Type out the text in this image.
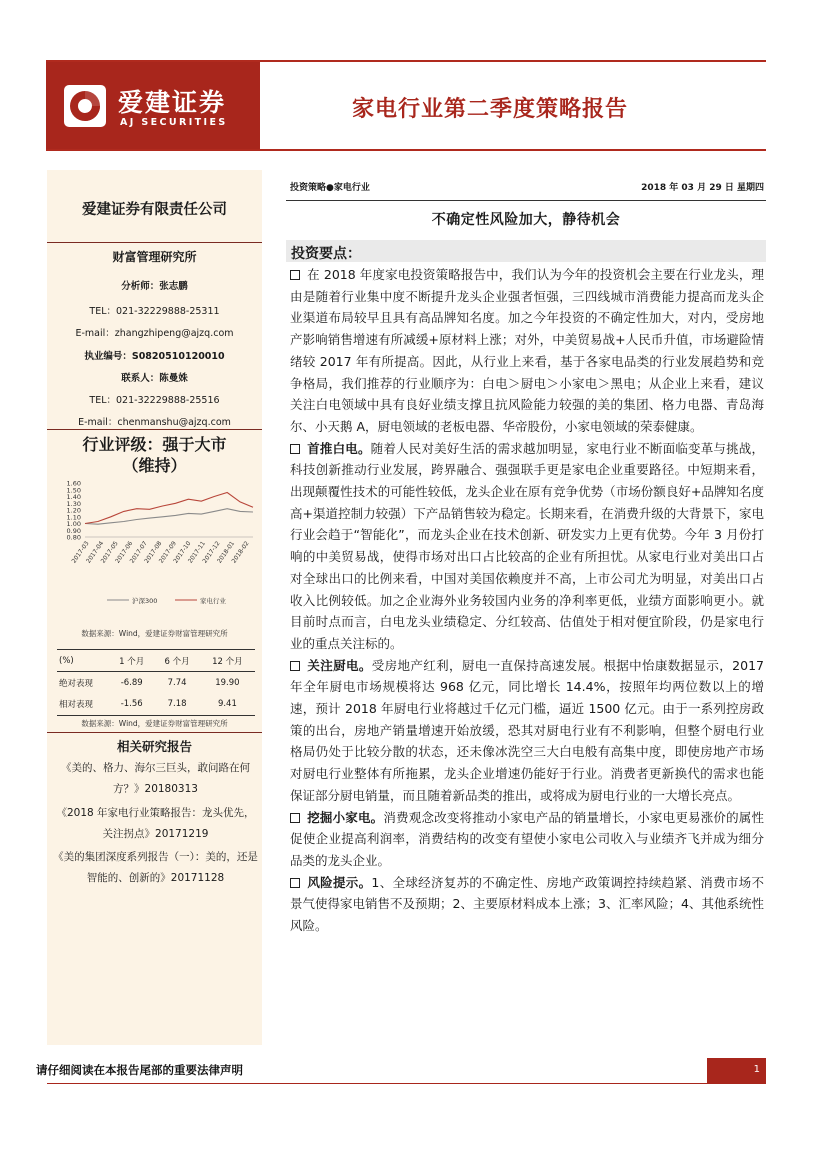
爱建证券
AJ SECURITIES
家电行业第二季度策略报告
爱建证券有限责任公司
财富管理研究所
分析师：张志鹏
TEL：021-32229888-25311
E-mail：zhangzhipeng@ajzq.com
执业编号：S0820510120010
联系人：陈曼姝
TEL：021-32229888-25516
E-mail：chenmanshu@ajzq.com
行业评级：强于大市
（维持）
1.60
1.50
1.40
1.30
1.20
1.10
1.00
0.90
0.80
2017-03
2017-04
2017-05
2017-06
2017-07
2017-08
2017-09
2017-10
2017-11
2017-12
2018-01
2018-02
沪深300	家电行业
数据来源：Wind，爱建证券财富管理研究所
(%)	1 个月	6 个月	12 个月
绝对表现	-6.89	7.74	19.90
相对表现	-1.56	7.18	9.41
数据来源：Wind，爱建证券财富管理研究所
相关研究报告
《美的、格力、海尔三巨头，敢问路在何方？》20180313
《2018 年家电行业策略报告：龙头优先，关注拐点》20171219
《美的集团深度系列报告（一）：美的，还是智能的、创新的》20171128
投资策略●家电行业	2018 年 03 月 29 日 星期四
不确定性风险加大，静待机会
投资要点：

在 2018 年度家电投资策略报告中，我们认为今年的投资机会主要在行业龙头，理由是随着行业集中度不断提升龙头企业强者恒强，三四线城市消费能力提高而龙头企业渠道布局较早且具有高品牌知名度。加之今年投资的不确定性加大，对内，受房地产影响销售增速有所减缓+原材料上涨；对外，中美贸易战+人民币升值，市场避险情绪较 2017 年有所提高。因此，从行业上来看，基于各家电品类的行业发展趋势和竞争格局，我们推荐的行业顺序为：白电＞厨电＞小家电＞黑电；从企业上来看，建议关注白电领域中具有良好业绩支撑且抗风险能力较强的美的集团、格力电器、青岛海尔、小天鹅 A，厨电领域的老板电器、华帝股份，小家电领域的荣泰健康。

首推白电。随着人民对美好生活的需求越加明显，家电行业不断面临变革与挑战，科技创新推动行业发展，跨界融合、强强联手更是家电企业重要路径。中短期来看，出现颠覆性技术的可能性较低，龙头企业在原有竞争优势（市场份额良好+品牌知名度高+渠道控制力较强）下产品销售较为稳定。长期来看，在消费升级的大背景下，家电行业会趋于“智能化”，而龙头企业在技术创新、研发实力上更有优势。今年 3 月份打响的中美贸易战，使得市场对出口占比较高的企业有所担忧。从家电行业对美出口占对全球出口的比例来看，中国对美国依赖度并不高，上市公司尤为明显，对美出口占收入比例较低。加之企业海外业务较国内业务的净利率更低，业绩方面影响更小。就目前时点而言，白电龙头业绩稳定、分红较高、估值处于相对便宜阶段，仍是家电行业的重点关注标的。

关注厨电。受房地产红利，厨电一直保持高速发展。根据中怡康数据显示，2017 年全年厨电市场规模将达 968 亿元，同比增长 14.4%，按照年均两位数以上的增速，预计 2018 年厨电行业将越过千亿元门槛，逼近 1500 亿元。由于一系列控房政策的出台，房地产销量增速开始放缓，恐其对厨电行业有不利影响，但整个厨电行业格局仍处于比较分散的状态，还未像冰洗空三大白电般有高集中度，即使房地产市场对厨电行业整体有所拖累，龙头企业增速仍能好于行业。消费者更新换代的需求也能保证部分厨电销量，而且随着新品类的推出，或将成为厨电行业的一大增长亮点。

挖掘小家电。消费观念改变将推动小家电产品的销量增长，小家电更易涨价的属性促使企业提高利润率，消费结构的改变有望使小家电公司收入与业绩齐飞并成为细分品类的龙头企业。

风险提示。1、全球经济复苏的不确定性、房地产政策调控持续趋紧、消费市场不景气使得家电销售不及预期；2、主要原材料成本上涨；3、汇率风险；4、其他系统性风险。

请仔细阅读在本报告尾部的重要法律声明	1
